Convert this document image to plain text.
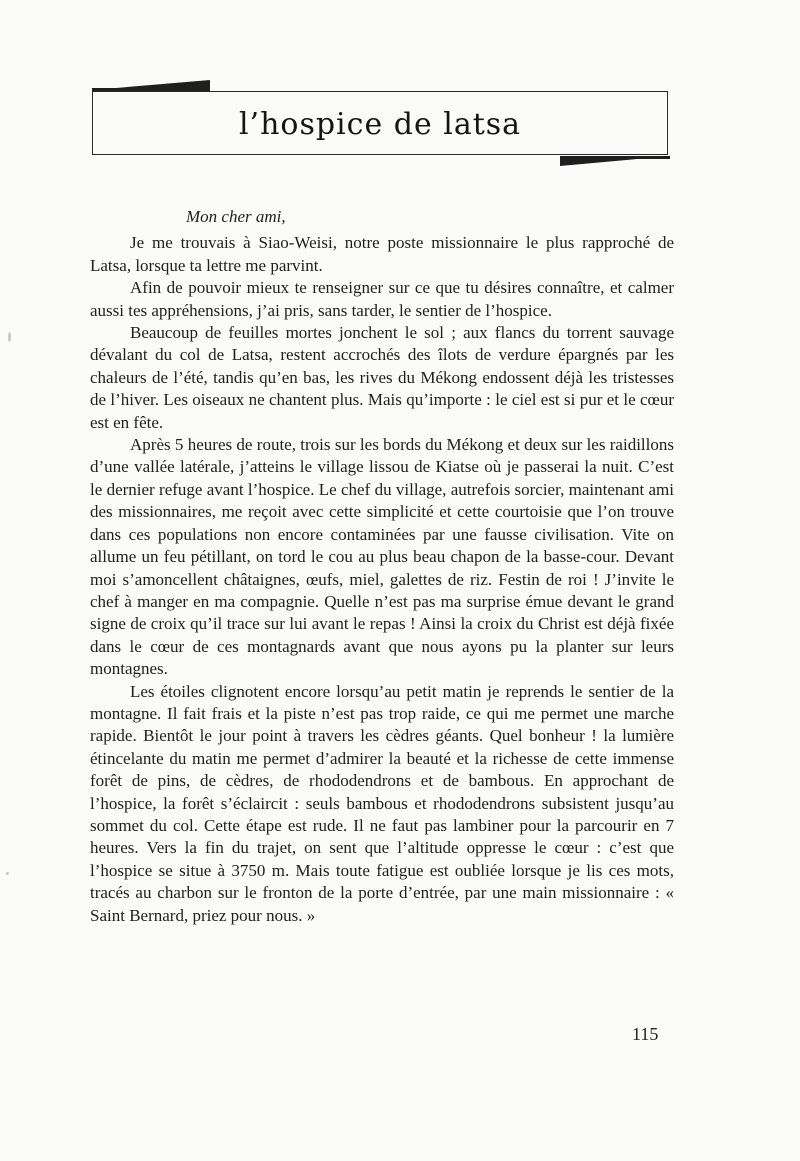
l’hospice de latsa

Mon cher ami,

Je me trouvais à Siao-Weisi, notre poste missionnaire le plus rapproché de Latsa, lorsque ta lettre me parvint.

Afin de pouvoir mieux te renseigner sur ce que tu désires connaître, et calmer aussi tes appréhensions, j’ai pris, sans tarder, le sentier de l’hospice.

Beaucoup de feuilles mortes jonchent le sol ; aux flancs du torrent sauvage dévalant du col de Latsa, restent accrochés des îlots de verdure épargnés par les chaleurs de l’été, tandis qu’en bas, les rives du Mékong endossent déjà les tristesses de l’hiver. Les oiseaux ne chantent plus. Mais qu’importe : le ciel est si pur et le cœur est en fête.

Après 5 heures de route, trois sur les bords du Mékong et deux sur les raidillons d’une vallée latérale, j’atteins le village lissou de Kiatse où je passerai la nuit. C’est le dernier refuge avant l’hospice. Le chef du village, autrefois sorcier, maintenant ami des missionnaires, me reçoit avec cette simplicité et cette courtoisie que l’on trouve dans ces populations non encore contaminées par une fausse civilisation. Vite on allume un feu pétillant, on tord le cou au plus beau chapon de la basse-cour. Devant moi s’amoncellent châtaignes, œufs, miel, galettes de riz. Festin de roi ! J’invite le chef à manger en ma compagnie. Quelle n’est pas ma surprise émue devant le grand signe de croix qu’il trace sur lui avant le repas ! Ainsi la croix du Christ est déjà fixée dans le cœur de ces montagnards avant que nous ayons pu la planter sur leurs montagnes.

Les étoiles clignotent encore lorsqu’au petit matin je reprends le sentier de la montagne. Il fait frais et la piste n’est pas trop raide, ce qui me permet une marche rapide. Bientôt le jour point à travers les cèdres géants. Quel bonheur ! la lumière étincelante du matin me permet d’admirer la beauté et la richesse de cette immense forêt de pins, de cèdres, de rhododendrons et de bambous. En approchant de l’hospice, la forêt s’éclaircit : seuls bambous et rhododendrons subsistent jusqu’au sommet du col. Cette étape est rude. Il ne faut pas lambiner pour la parcourir en 7 heures. Vers la fin du trajet, on sent que l’altitude oppresse le cœur : c’est que l’hospice se situe à 3750 m. Mais toute fatigue est oubliée lorsque je lis ces mots, tracés au charbon sur le fronton de la porte d’entrée, par une main missionnaire : « Saint Bernard, priez pour nous. »

115
